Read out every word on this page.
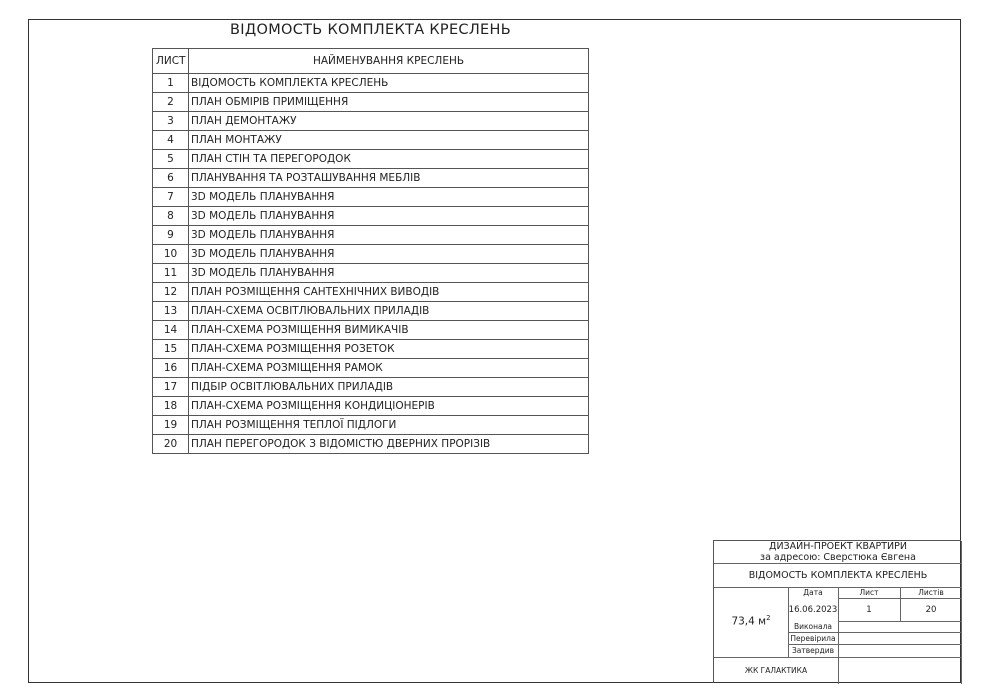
ВІДОМОСТЬ КОМПЛЕКТА КРЕСЛЕНЬ
ЛИСТ	НАЙМЕНУВАННЯ КРЕСЛЕНЬ
1	ВІДОМОСТЬ КОМПЛЕКТА КРЕСЛЕНЬ
2	ПЛАН ОБМІРІВ ПРИМІЩЕННЯ
3	ПЛАН ДЕМОНТАЖУ
4	ПЛАН МОНТАЖУ
5	ПЛАН СТІН ТА ПЕРЕГОРОДОК
6	ПЛАНУВАННЯ ТА РОЗТАШУВАННЯ МЕБЛІВ
7	3D МОДЕЛЬ ПЛАНУВАННЯ
8	3D МОДЕЛЬ ПЛАНУВАННЯ
9	3D МОДЕЛЬ ПЛАНУВАННЯ
10	3D МОДЕЛЬ ПЛАНУВАННЯ
11	3D МОДЕЛЬ ПЛАНУВАННЯ
12	ПЛАН РОЗМІЩЕННЯ САНТЕХНІЧНИХ ВИВОДІВ
13	ПЛАН-СХЕМА ОСВІТЛЮВАЛЬНИХ ПРИЛАДІВ
14	ПЛАН-СХЕМА РОЗМІЩЕННЯ ВИМИКАЧІВ
15	ПЛАН-СХЕМА РОЗМІЩЕННЯ РОЗЕТОК
16	ПЛАН-СХЕМА РОЗМІЩЕННЯ РАМОК
17	ПІДБІР ОСВІТЛЮВАЛЬНИХ ПРИЛАДІВ
18	ПЛАН-СХЕМА РОЗМІЩЕННЯ КОНДИЦІОНЕРІВ
19	ПЛАН РОЗМІЩЕННЯ ТЕПЛОЇ ПІДЛОГИ
20	ПЛАН ПЕРЕГОРОДОК З ВІДОМІСТЮ ДВЕРНИХ ПРОРІЗІВ
ДИЗАЙН-ПРОЕКТ КВАРТИРИ
за адресою: Сверстюка Євгена
ВІДОМОСТЬ КОМПЛЕКТА КРЕСЛЕНЬ
73,4 $м^2$
Дата	Лист	Листів
16.06.2023	1	20
Виконала
Перевірила
Затвердив
ЖК ГАЛАКТИКА
